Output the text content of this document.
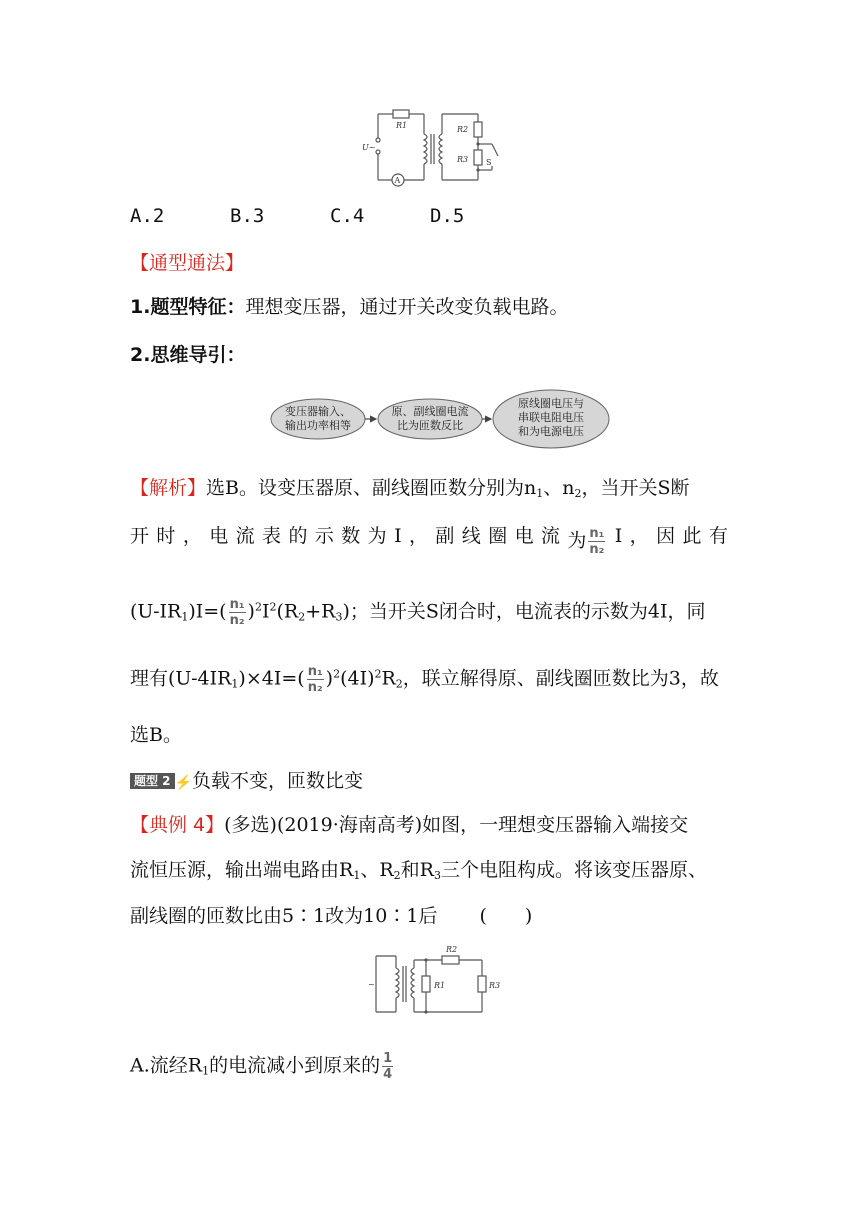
R1	R2
R3
U~
S
A
A.2	B.3	C.4	D.5
【通型通法】
1.题型特征：理想变压器，通过开关改变负载电路。
2.思维导引：
变压器输入、
输出功率相等
原、副线圈电流
比为匝数反比
原线圈电压与
串联电阻电压
和为电源电压
【解析】选B。设变压器原、副线圈匝数分别为$n_1$、$n_2$，当开关S断
开 时 ， 电 流 表 的 示 数 为 I ， 副 线 圈 电 流 为 $\frac{\text{n₁}}{\text{n₂}}$ I ， 因 此 有
$(U-IR_1)I=( \frac{\text{n₁}}{\text{n₂}} )^2I^2(R_2+R_3)$；当开关S闭合时，电流表的示数为4I，同
理有$(U-4IR_1)\times 4I=( \frac{\text{n₁}}{\text{n₂}} )^2(4I)^2R_2$，联立解得原、副线圈匝数比为3，故
选B。
题型 2 ⚡负载不变，匝数比变
【典例 4】(多选)(2019·海南高考)如图，一理想变压器输入端接交
流恒压源，输出端电路由$R_1$、$R_2$和$R_3$三个电阻构成。将该变压器原、
副线圈的匝数比由5∶1改为10∶1后 (　　)
R2
R1	R3
~
A.流经$R_1$的电流减小到原来的 $\frac{1}{4}$
